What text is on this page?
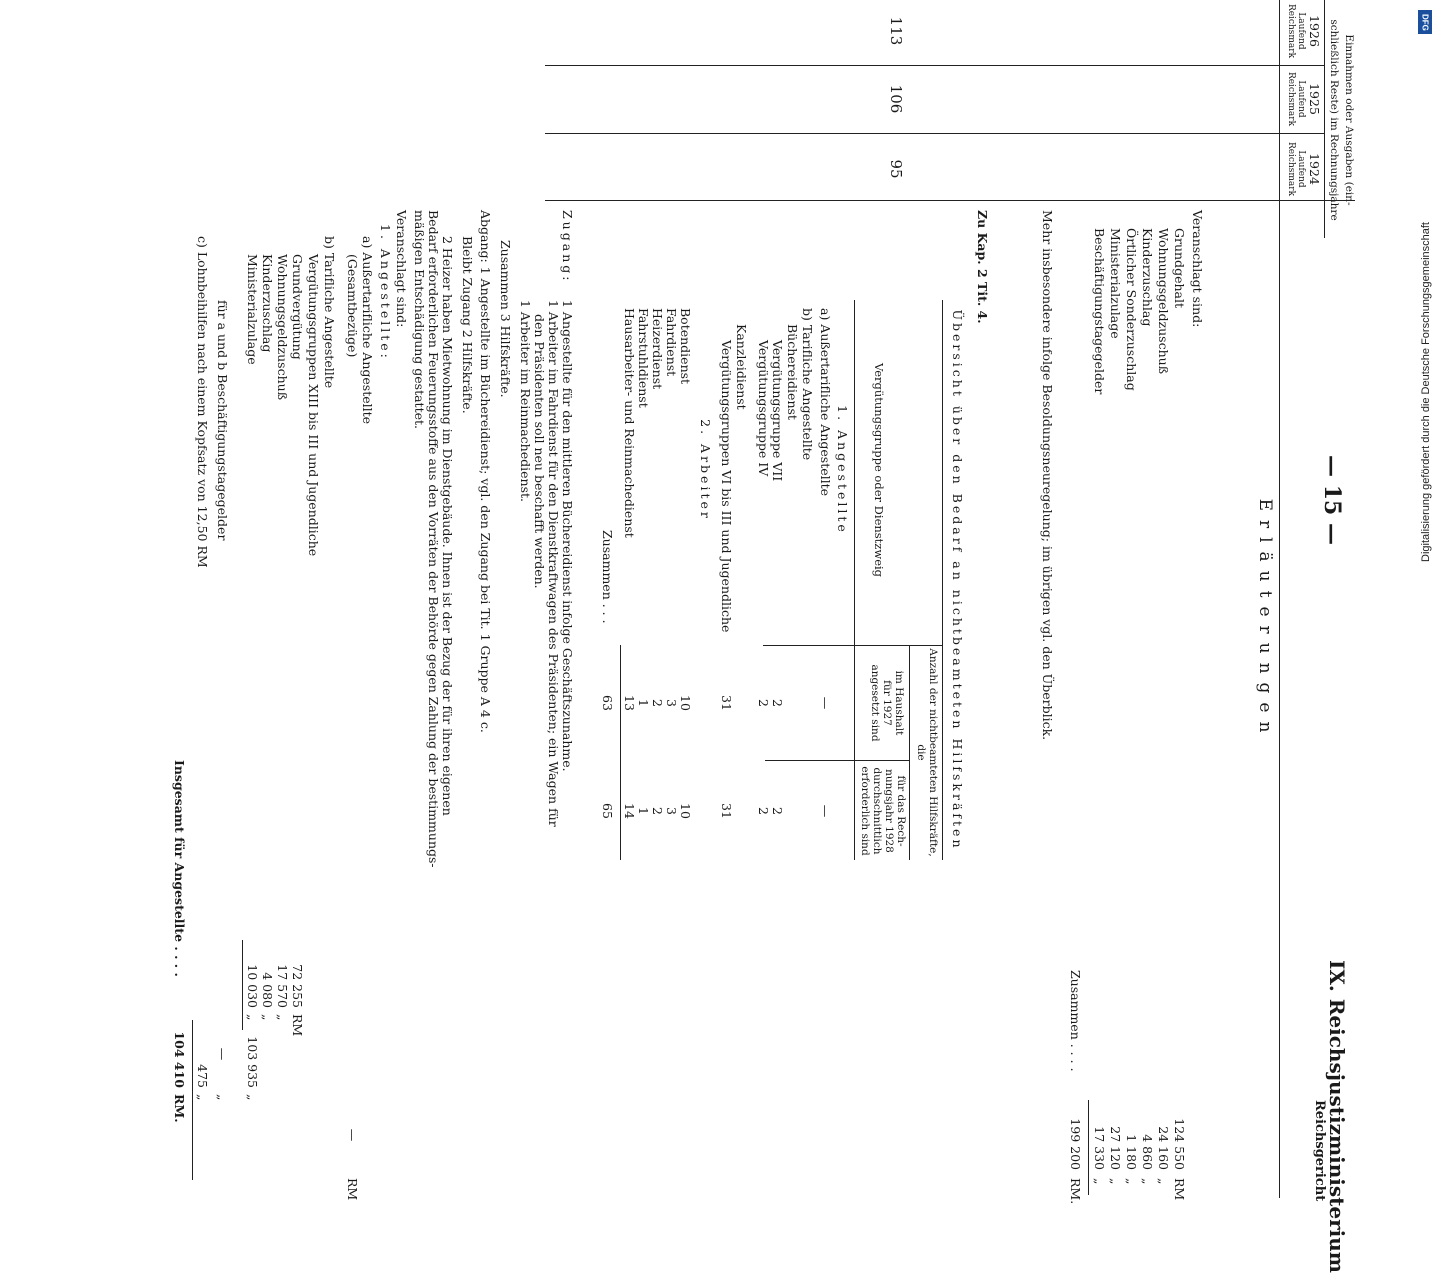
— 15 —
IX. Reichsjustizministerium
Reichsgericht
Einnahmen oder Ausgaben (ein-
schließlich Reste) im Rechnungsjahre
1926
1925
1924
Laufend Reichsmark
Laufend Reichsmark
Laufend Reichsmark
113
106
95
Erläuterungen
Veranschlagt sind:
Grundgehalt
124 550
RM
Wohnungsgeldzuschuß
24 160
„
Kinderzuschlag
4 860
„
Örtlicher Sonderzuschlag
1 180
„
Ministerialzulage
27 120
„
Beschäftigungstagegelder
17 330
„
Zusammen . . . .
199 200
RM.
Mehr insbesondere infolge Besoldungsneuregelung; im übrigen vgl. den Überblick.
Zu Kap. 2 Tit. 4.
Übersicht über den Bedarf an nichtbeamteten Hilfskräften
Vergütungsgruppe oder Dienstzweig
Anzahl der nichtbeamteten Hilfskräfte, die
im Haushalt
für 1927
angesetzt sind
für das Rech-
nungsjahr 1928
durchschnittlich
erforderlich sind
1. Angestellte
a) Außertarifliche Angestellte
—
—
b) Tarifliche Angestellte
Büchereidienst
Vergütungsgruppe VII
2
2
Vergütungsgruppe IV
2
2
Kanzleidienst
Vergütungsgruppen VI bis III und Jugendliche
31
31
2. Arbeiter
Botendienst
10
10
Fahrdienst
3
3
Heizerdienst
2
2
Fahrstuhldienst
1
1
Hausarbeiter- und Reinmachedienst
13
14
Zusammen . . .
63
65
Zugang:
1 Angestellte für den mittleren Büchereidienst infolge Geschäftszunahme.
1 Arbeiter im Fahrdienst für den Dienstkraftwagen des Präsidenten; ein Wagen für
den Präsidenten soll neu beschafft werden.
1 Arbeiter im Reinmachedienst.
Zusammen 3 Hilfskräfte.
Abgang: 1 Angestellte im Büchereidienst; vgl. den Zugang bei Tit. 1 Gruppe A 4 c.
Bleibt Zugang 2 Hilfskräfte.
2 Heizer haben Mietwohnung im Dienstgebäude. Ihnen ist der Bezug der für ihren eigenen
Bedarf erforderlichen Feuerungsstoffe aus den Vorräten der Behörde gegen Zahlung der bestimmungs-
mäßigen Entschädigung gestattet.
Veranschlagt sind:
1. Angestellte:
a) Außertarifliche Angestellte
(Gesamtbezüge)
—
RM
b) Tarifliche Angestellte
Vergütungsgruppen XIII bis III und Jugendliche
Grundvergütung
72 255
RM
Wohnungsgeldzuschuß
17 570
„
Kinderzuschlag
4 080
„
Ministerialzulage
10 030
„
103 935
„
für a und b Beschäftigungstagegelder
—
„
c) Lohnbeihilfen nach einem Kopfsatz von 12,50 RM
475
„
Insgesamt für Angestellte . . . .
104 410
RM.
DFG
Digitalisierung gefördert durch die Deutsche Forschungsgemeinschaft
